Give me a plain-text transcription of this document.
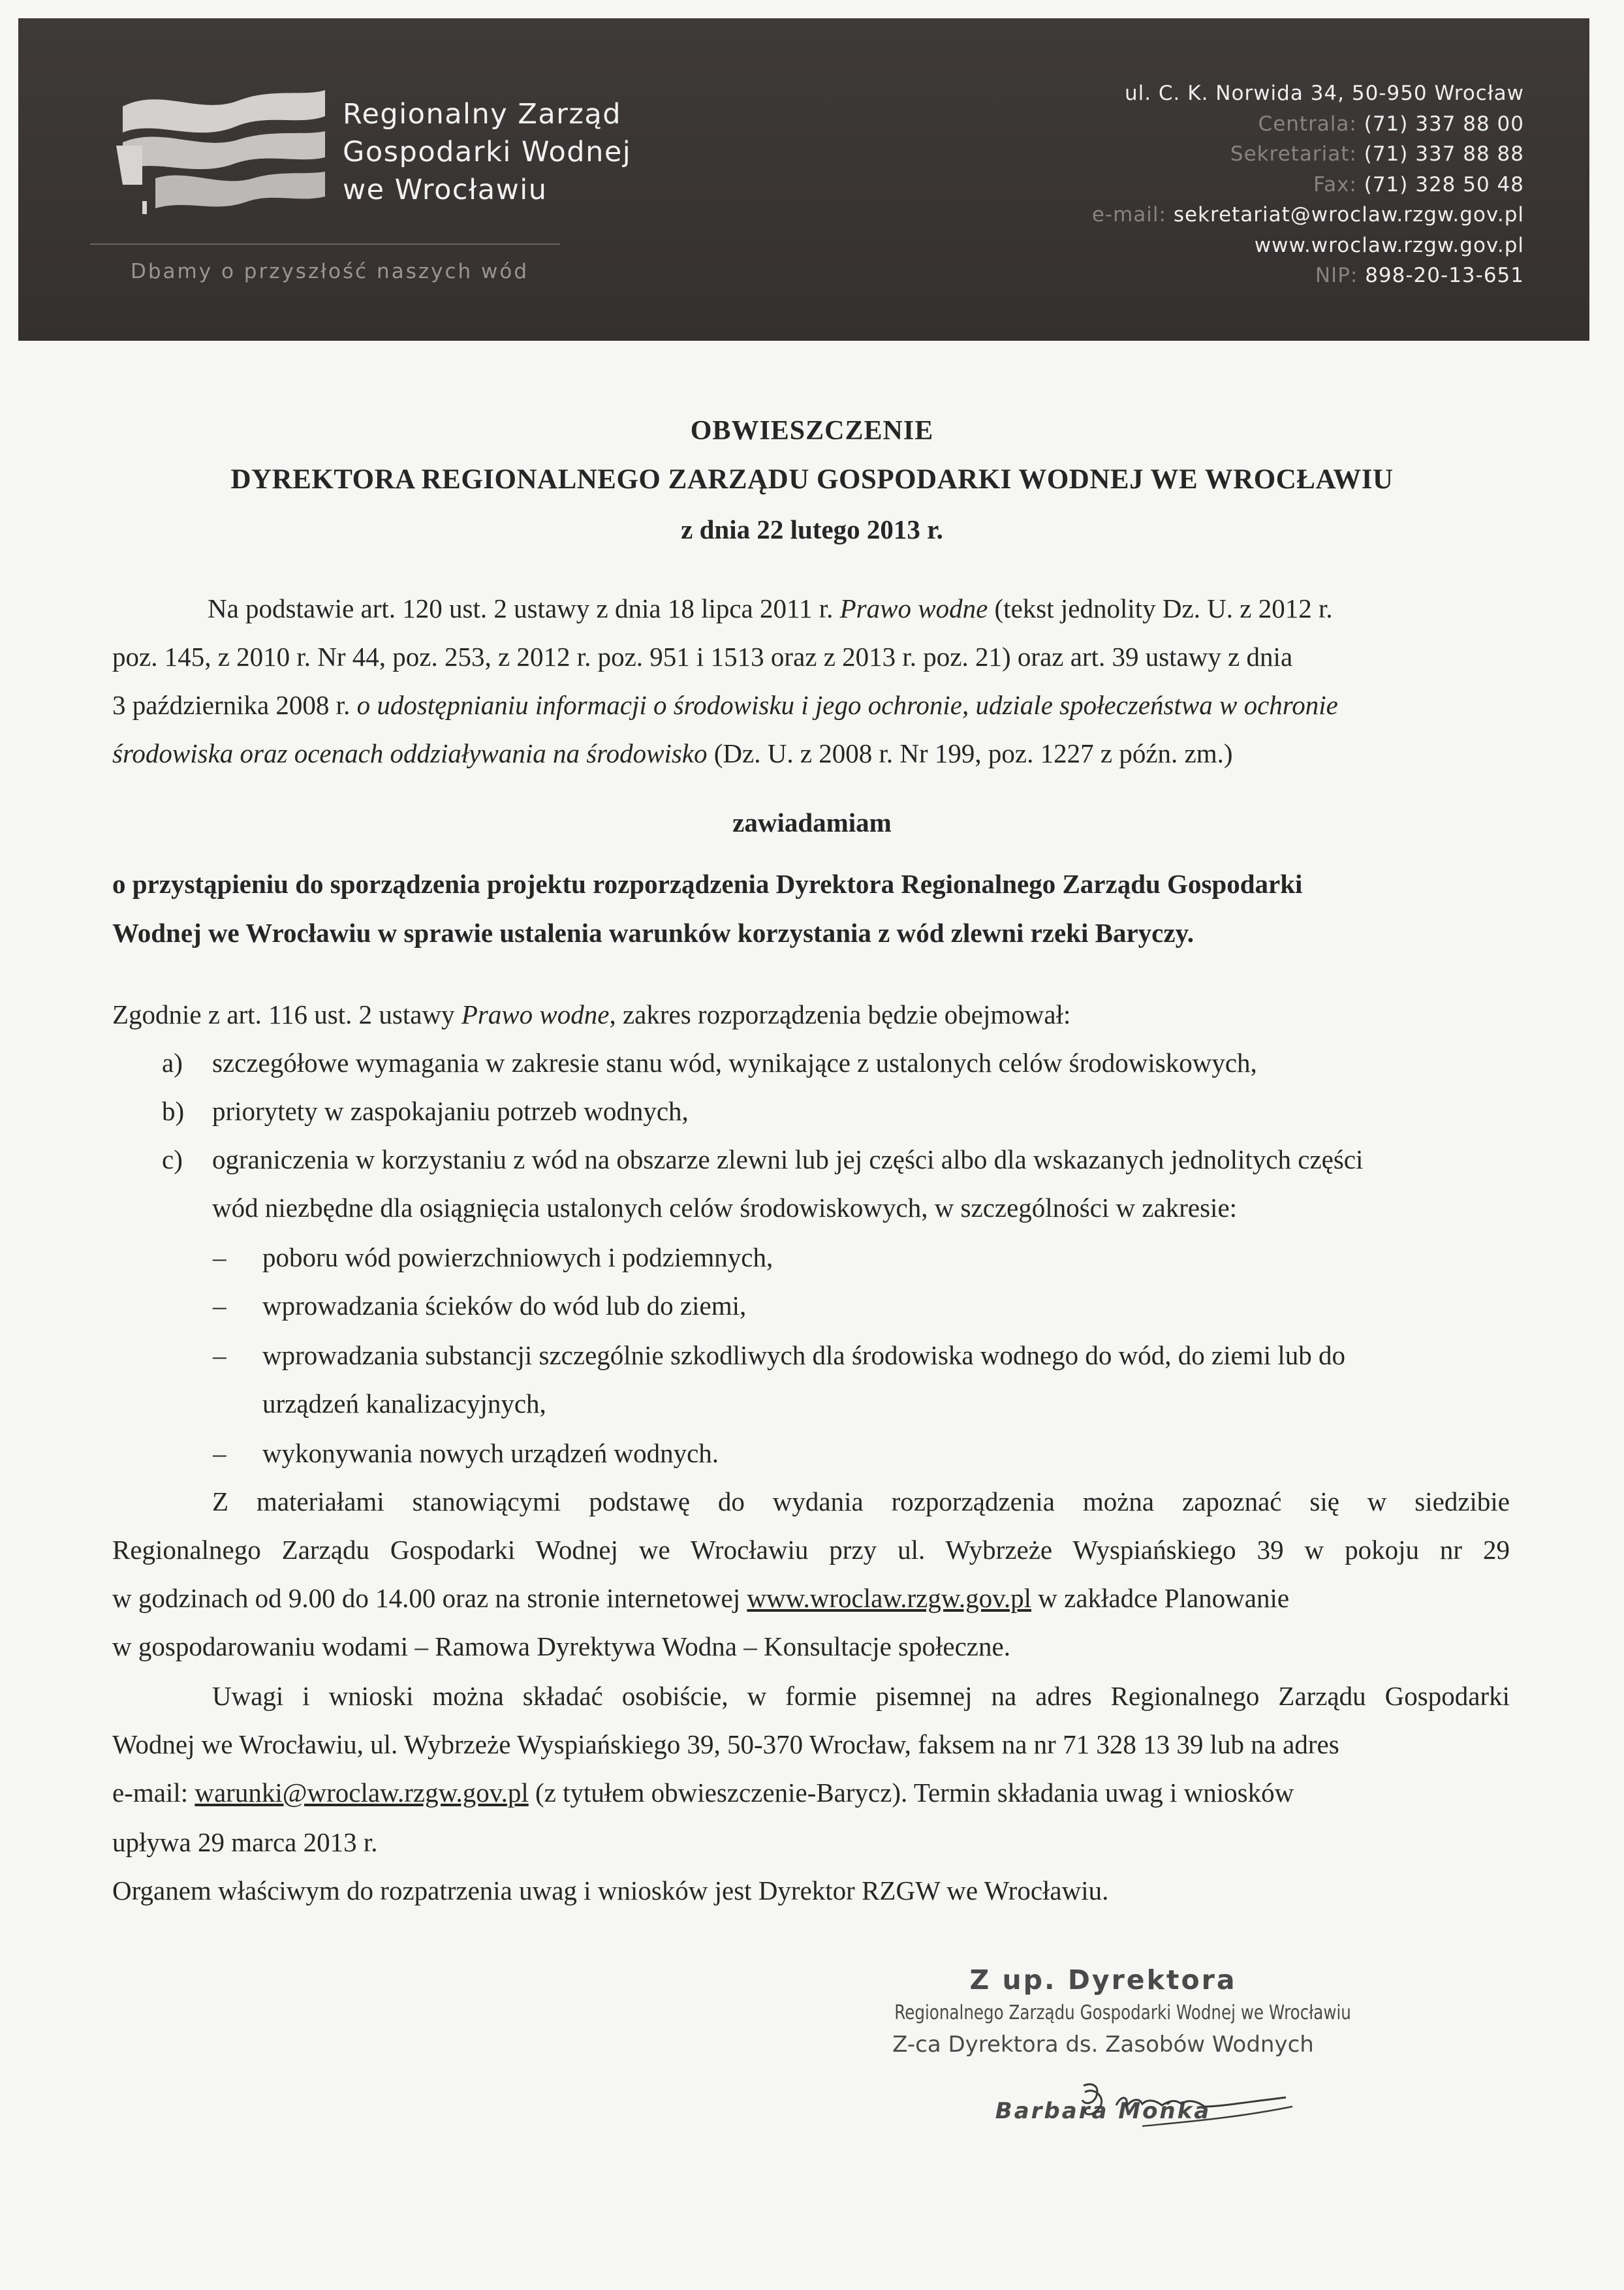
Regionalny Zarząd
Gospodarki Wodnej
we Wrocławiu
Dbamy o przyszłość naszych wód
ul. C. K. Norwida 34, 50-950 Wrocław
Centrala: (71) 337 88 00
Sekretariat: (71) 337 88 88
Fax: (71) 328 50 48
e-mail: sekretariat@wroclaw.rzgw.gov.pl
www.wroclaw.rzgw.gov.pl
NIP: 898-20-13-651
OBWIESZCZENIE
DYREKTORA REGIONALNEGO ZARZĄDU GOSPODARKI WODNEJ WE WROCŁAWIU
z dnia 22 lutego 2013 r.
Na podstawie art. 120 ust. 2 ustawy z dnia 18 lipca 2011 r. Prawo wodne (tekst jednolity Dz. U. z 2012 r.
poz. 145, z 2010 r. Nr 44, poz. 253, z 2012 r. poz. 951 i 1513 oraz z 2013 r. poz. 21) oraz art. 39 ustawy z dnia
3 października 2008 r. o udostępnianiu informacji o środowisku i jego ochronie, udziale społeczeństwa w ochronie
środowiska oraz ocenach oddziaływania na środowisko (Dz. U. z 2008 r. Nr 199, poz. 1227 z późn. zm.)
zawiadamiam
o przystąpieniu do sporządzenia projektu rozporządzenia Dyrektora Regionalnego Zarządu Gospodarki
Wodnej we Wrocławiu w sprawie ustalenia warunków korzystania z wód zlewni rzeki Baryczy.
Zgodnie z art. 116 ust. 2 ustawy Prawo wodne, zakres rozporządzenia będzie obejmował:
a) szczegółowe wymagania w zakresie stanu wód, wynikające z ustalonych celów środowiskowych,
b) priorytety w zaspokajaniu potrzeb wodnych,
c) ograniczenia w korzystaniu z wód na obszarze zlewni lub jej części albo dla wskazanych jednolitych części
wód niezbędne dla osiągnięcia ustalonych celów środowiskowych, w szczególności w zakresie:
– poboru wód powierzchniowych i podziemnych,
– wprowadzania ścieków do wód lub do ziemi,
– wprowadzania substancji szczególnie szkodliwych dla środowiska wodnego do wód, do ziemi lub do
urządzeń kanalizacyjnych,
– wykonywania nowych urządzeń wodnych.
Z materiałami stanowiącymi podstawę do wydania rozporządzenia można zapoznać się w siedzibie
Regionalnego Zarządu Gospodarki Wodnej we Wrocławiu przy ul. Wybrzeże Wyspiańskiego 39 w pokoju nr 29
w godzinach od 9.00 do 14.00 oraz na stronie internetowej www.wroclaw.rzgw.gov.pl w zakładce Planowanie
w gospodarowaniu wodami – Ramowa Dyrektywa Wodna – Konsultacje społeczne.
Uwagi i wnioski można składać osobiście, w formie pisemnej na adres Regionalnego Zarządu Gospodarki
Wodnej we Wrocławiu, ul. Wybrzeże Wyspiańskiego 39, 50-370 Wrocław, faksem na nr 71 328 13 39 lub na adres
e-mail: warunki@wroclaw.rzgw.gov.pl (z tytułem obwieszczenie-Barycz). Termin składania uwag i wniosków
upływa 29 marca 2013 r.
Organem właściwym do rozpatrzenia uwag i wniosków jest Dyrektor RZGW we Wrocławiu.
Z up. Dyrektora
Regionalnego Zarządu Gospodarki Wodnej we Wrocławiu
Z-ca Dyrektora ds. Zasobów Wodnych
Barbara Mońka
